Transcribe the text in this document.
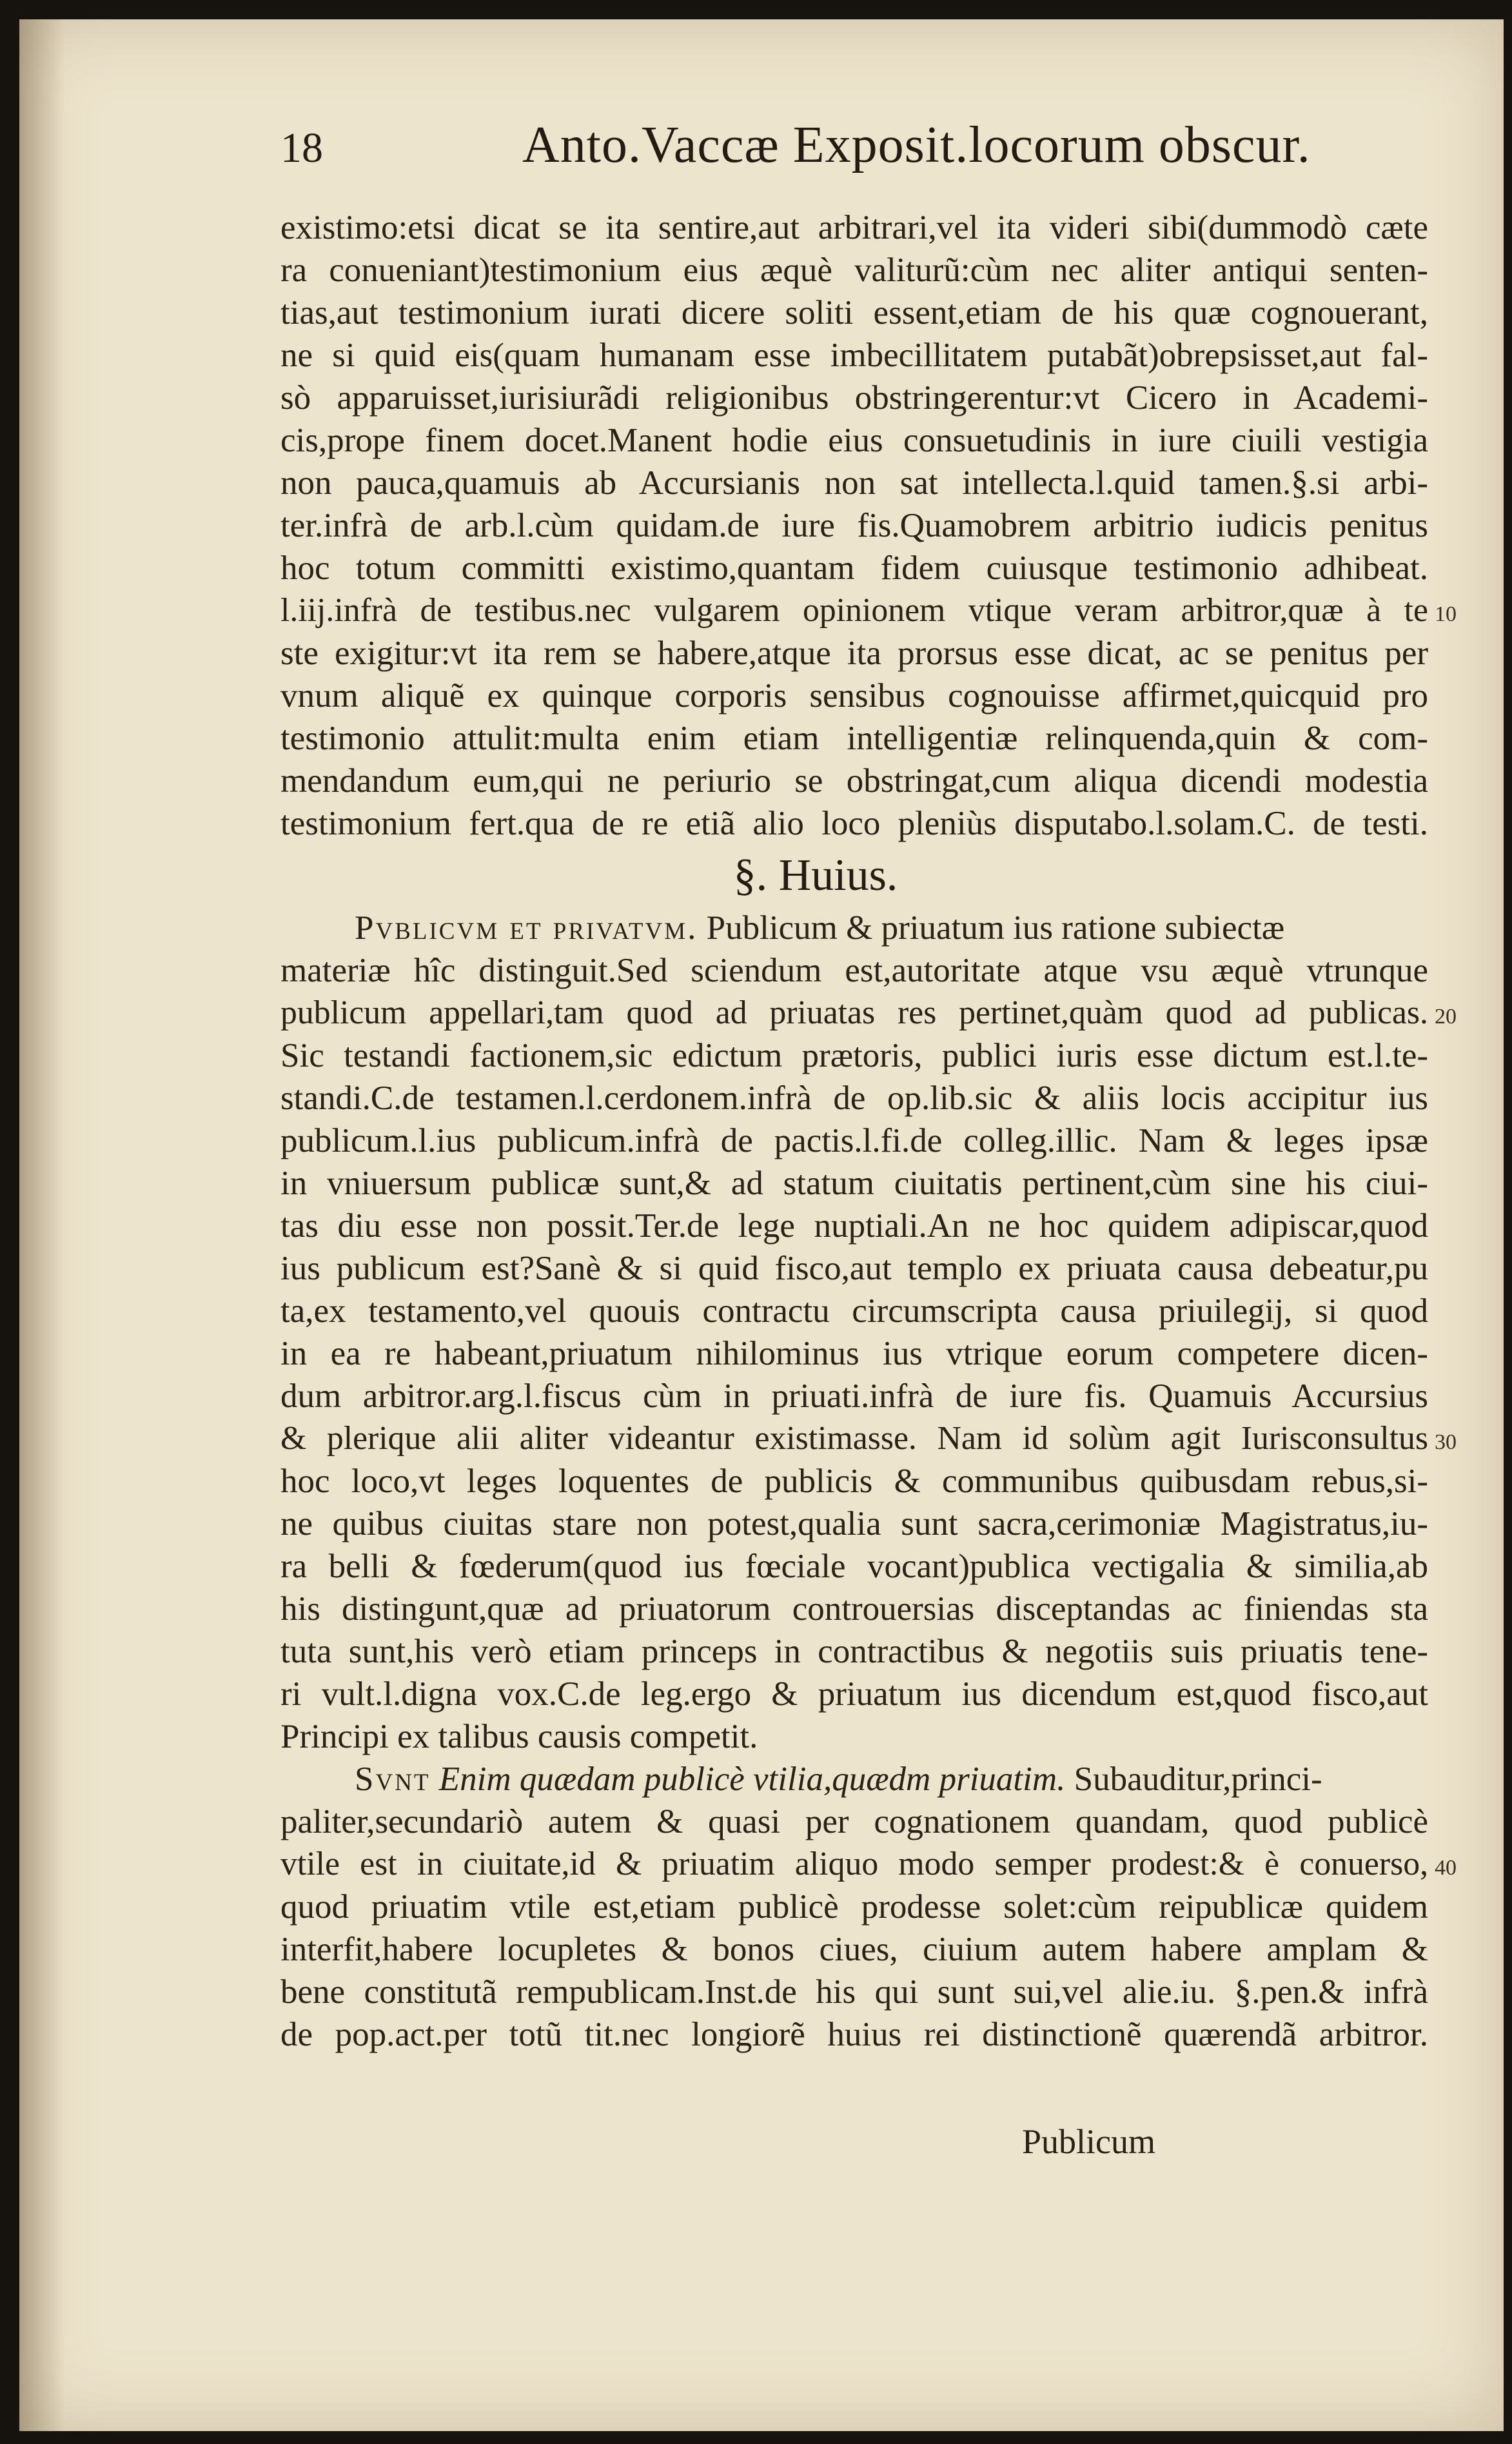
18	Anto.Vaccæ Exposit.locorum obscur.
existimo:etsi dicat se ita sentire,aut arbitrari,vel ita videri sibi(dummodò cæte
ra conueniant)testimonium eius æquè valiturũ:cùm nec aliter antiqui senten-
tias,aut testimonium iurati dicere soliti essent,etiam de his quæ cognouerant,
ne si quid eis(quam humanam esse imbecillitatem putabãt)obrepsisset,aut fal-
sò apparuisset,iurisiurãdi religionibus obstringerentur:vt Cicero in Academi-
cis,prope finem docet.Manent hodie eius consuetudinis in iure ciuili vestigia
non pauca,quamuis ab Accursianis non sat intellecta.l.quid tamen.§.si arbi-
ter.infrà de arb.l.cùm quidam.de iure fis.Quamobrem arbitrio iudicis penitus
hoc totum committi existimo,quantam fidem cuiusque testimonio adhibeat.
l.iij.infrà de testibus.nec vulgarem opinionem vtique veram arbitror,quæ à te 10
ste exigitur:vt ita rem se habere,atque ita prorsus esse dicat, ac se penitus per
vnum aliquẽ ex quinque corporis sensibus cognouisse affirmet,quicquid pro
testimonio attulit:multa enim etiam intelligentiæ relinquenda,quin & com-
mendandum eum,qui ne periurio se obstringat,cum aliqua dicendi modestia
testimonium fert.qua de re etiã alio loco pleniùs disputabo.l.solam.C. de testi.
§. Huius.
Pvblicvm et privatvm. Publicum & priuatum ius ratione subiectæ
materiæ hîc distinguit.Sed sciendum est,autoritate atque vsu æquè vtrunque
publicum appellari,tam quod ad priuatas res pertinet,quàm quod ad publicas. 20
Sic testandi factionem,sic edictum prætoris, publici iuris esse dictum est.l.te-
standi.C.de testamen.l.cerdonem.infrà de op.lib.sic & aliis locis accipitur ius
publicum.l.ius publicum.infrà de pactis.l.fi.de colleg.illic. Nam & leges ipsæ
in vniuersum publicæ sunt,& ad statum ciuitatis pertinent,cùm sine his ciui-
tas diu esse non possit.Ter.de lege nuptiali.An ne hoc quidem adipiscar,quod
ius publicum est?Sanè & si quid fisco,aut templo ex priuata causa debeatur,pu
ta,ex testamento,vel quouis contractu circumscripta causa priuilegij, si quod
in ea re habeant,priuatum nihilominus ius vtrique eorum competere dicen-
dum arbitror.arg.l.fiscus cùm in priuati.infrà de iure fis. Quamuis Accursius
& plerique alii aliter videantur existimasse. Nam id solùm agit Iurisconsultus 30
hoc loco,vt leges loquentes de publicis & communibus quibusdam rebus,si-
ne quibus ciuitas stare non potest,qualia sunt sacra,cerimoniæ Magistratus,iu-
ra belli & fœderum(quod ius fœciale vocant)publica vectigalia & similia,ab
his distingunt,quæ ad priuatorum controuersias disceptandas ac finiendas sta
tuta sunt,his verò etiam princeps in contractibus & negotiis suis priuatis tene-
ri vult.l.digna vox.C.de leg.ergo & priuatum ius dicendum est,quod fisco,aut
Principi ex talibus causis competit.
Svnt Enim quædam publicè vtilia,quædm priuatim. Subauditur,princi-
paliter,secundariò autem & quasi per cognationem quandam, quod publicè
vtile est in ciuitate,id & priuatim aliquo modo semper prodest:& è conuerso, 40
quod priuatim vtile est,etiam publicè prodesse solet:cùm reipublicæ quidem
interfit,habere locupletes & bonos ciues, ciuium autem habere amplam &
bene constitutã rempublicam.Inst.de his qui sunt sui,vel alie.iu. §.pen.& infrà
de pop.act.per totũ tit.nec longiorẽ huius rei distinctionẽ quærendã arbitror.
Publicum
